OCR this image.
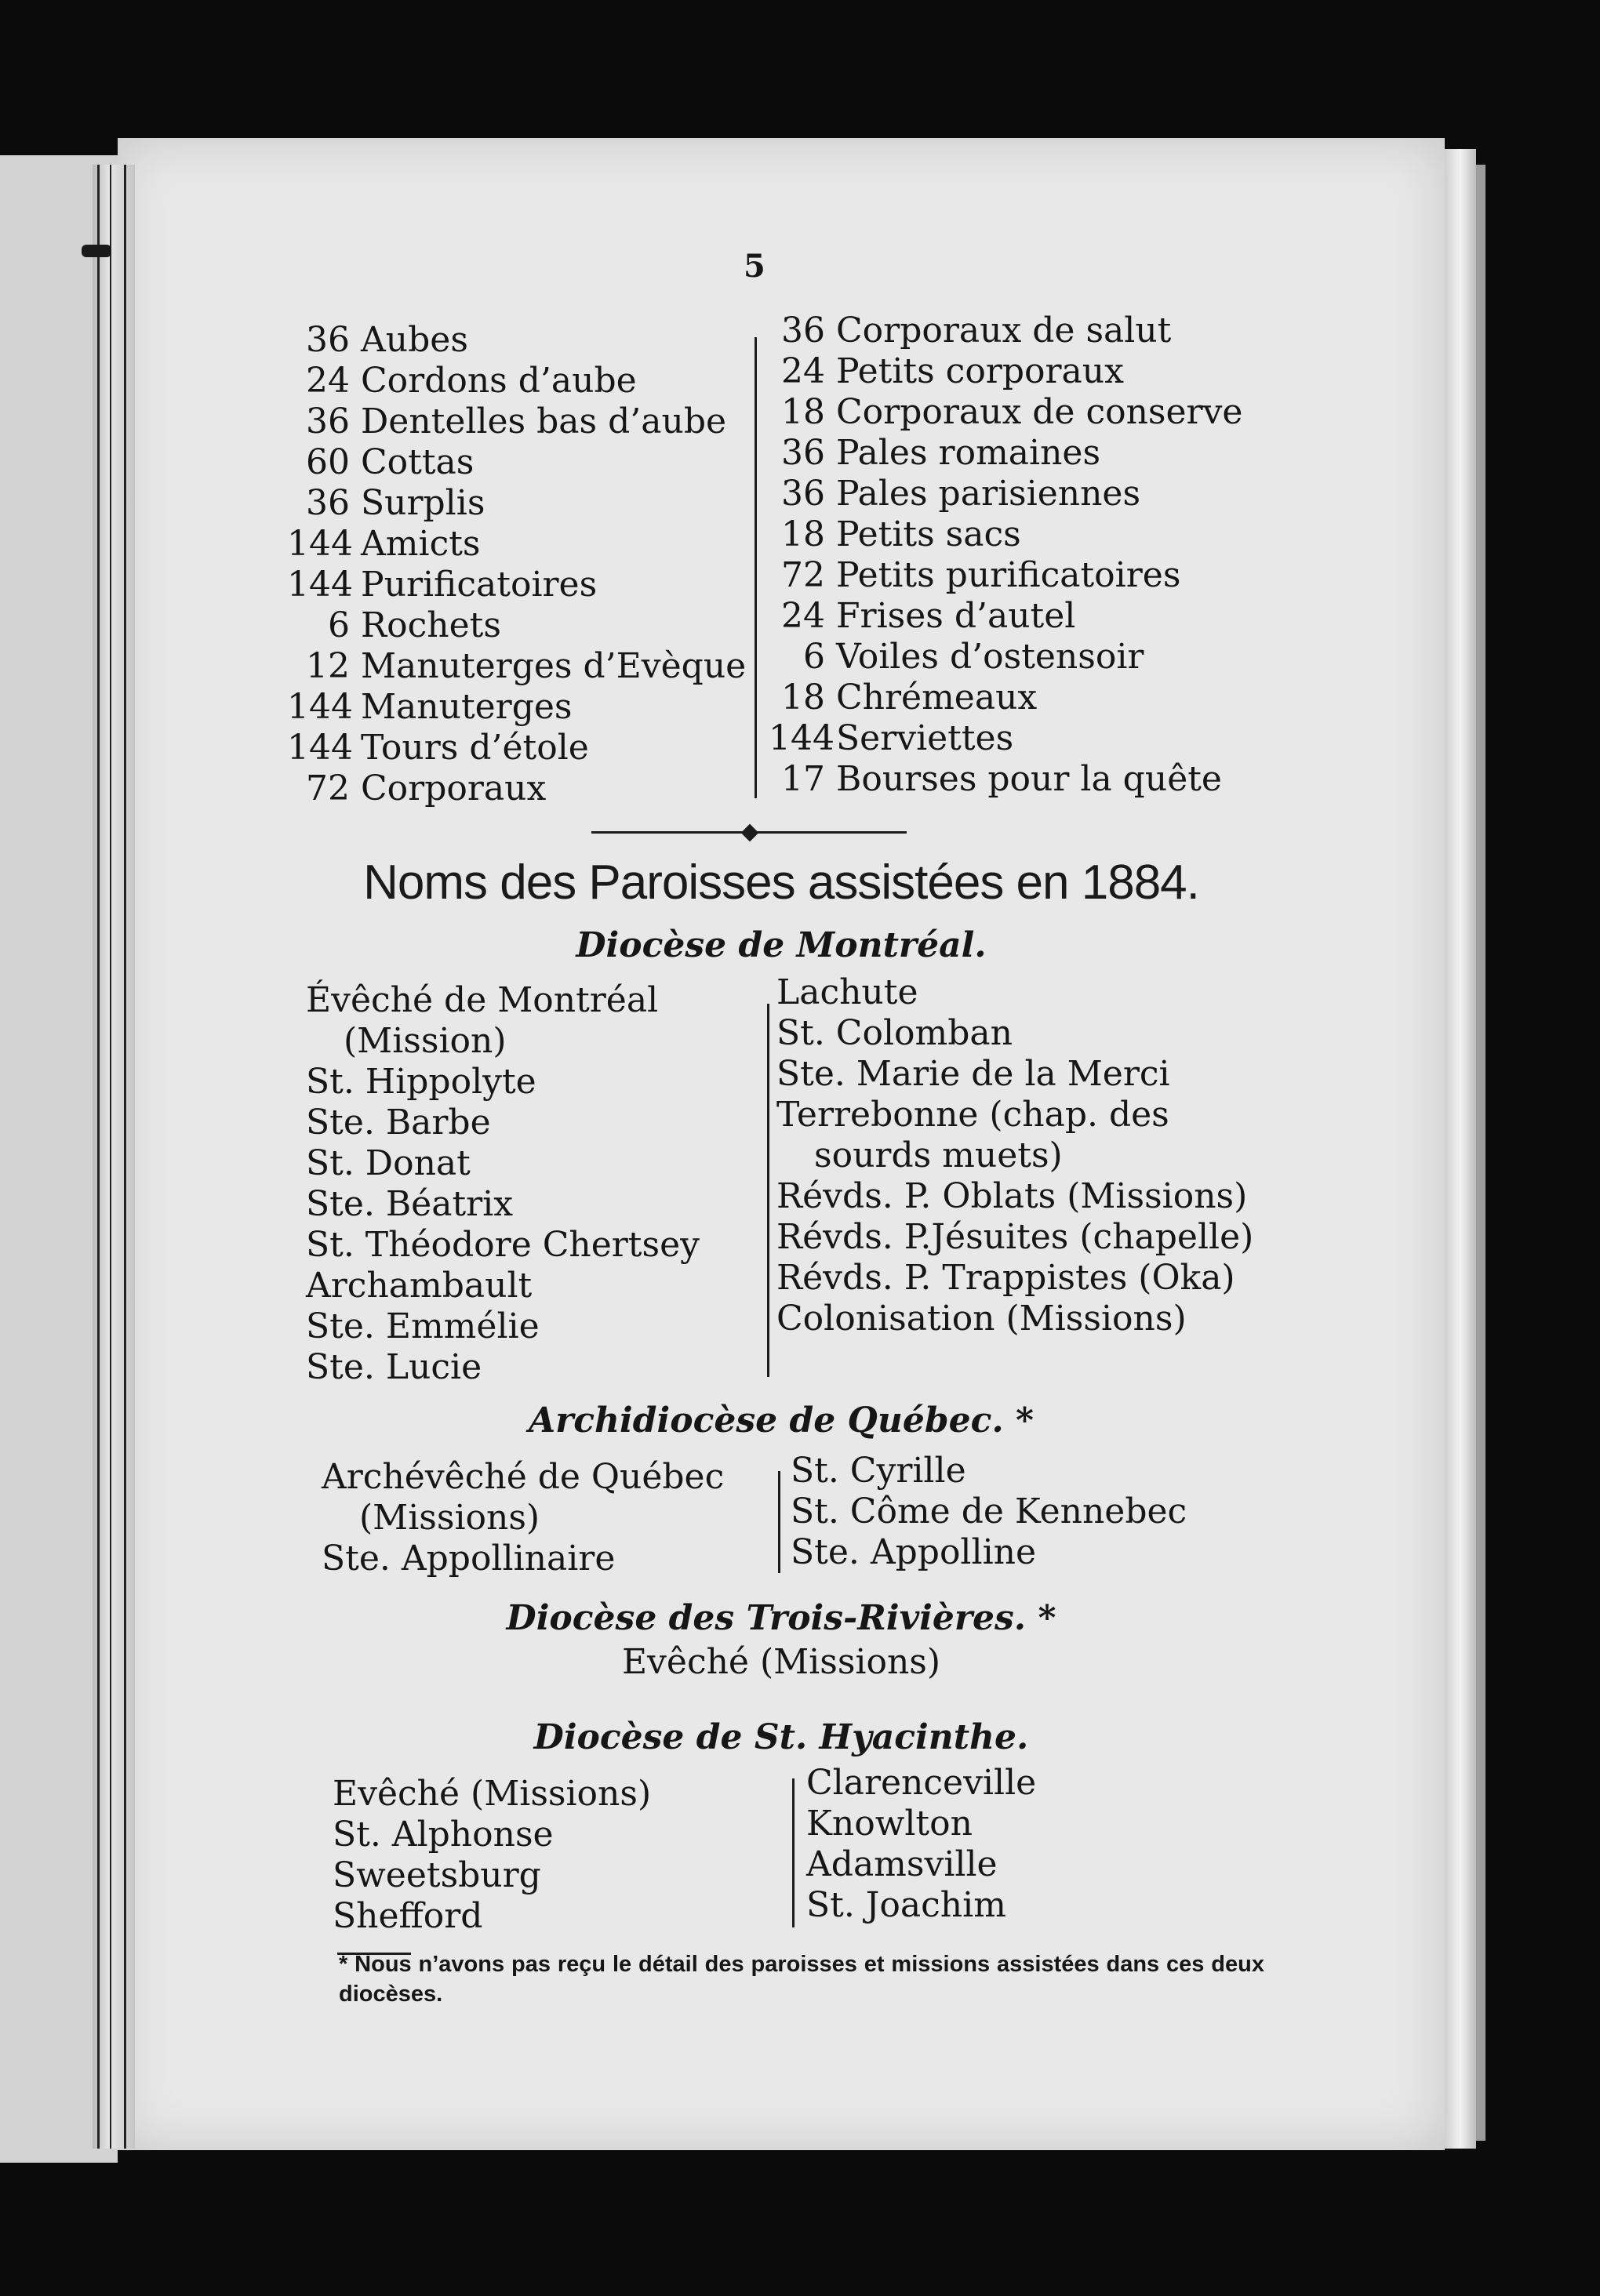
5
36 Aubes
24 Cordons d’aube
36 Dentelles bas d’aube
60 Cottas
36 Surplis
144 Amicts
144 Purificatoires
6 Rochets
12 Manuterges d’Evèque
144 Manuterges
144 Tours d’étole
72 Corporaux
36 Corporaux de salut
24 Petits corporaux
18 Corporaux de conserve
36 Pales romaines
36 Pales parisiennes
18 Petits sacs
72 Petits purificatoires
24 Frises d’autel
6 Voiles d’ostensoir
18 Chrémeaux
144Serviettes
17 Bourses pour la quête
Noms des Paroisses assistées en 1884.
Diocèse de Montréal.
Évêché de Montréal
(Mission)
St. Hippolyte
Ste. Barbe
St. Donat
Ste. Béatrix
St. Théodore Chertsey
Archambault
Ste. Emmélie
Ste. Lucie
Lachute
St. Colomban
Ste. Marie de la Merci
Terrebonne (chap. des
sourds muets)
Révds. P. Oblats (Missions)
Révds. P.Jésuites (chapelle)
Révds. P. Trappistes (Oka)
Colonisation (Missions)
Archidiocèse de Québec. *
Archévêché de Québec
(Missions)
Ste. Appollinaire
St. Cyrille
St. Côme de Kennebec
Ste. Appolline
Diocèse des Trois-Rivières. *
Evêché (Missions)
Diocèse de St. Hyacinthe.
Evêché (Missions)
St. Alphonse
Sweetsburg
Shefford
Clarenceville
Knowlton
Adamsville
St. Joachim
* Nous n’avons pas reçu le détail des paroisses et missions assistées dans ces deux diocèses.
